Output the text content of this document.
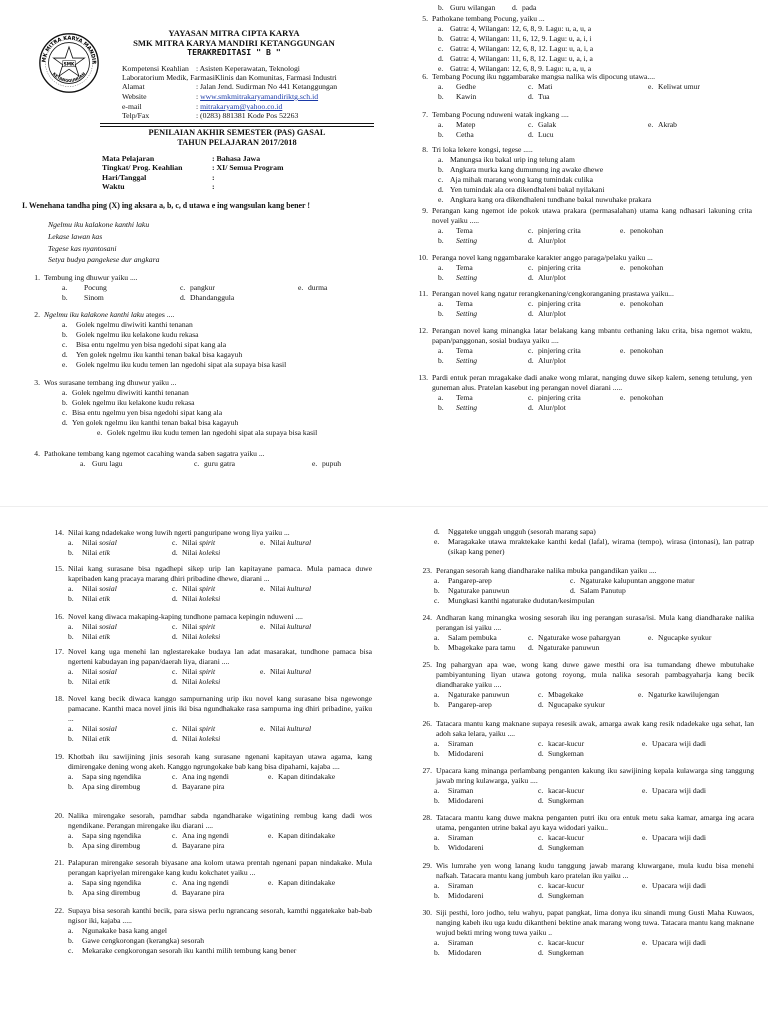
SMK
MK MITRA KARYA MANDIR
KETANGGUNGAN
YAYASAN MITRA CIPTA KARYA
SMK MITRA KARYA MANDIRI KETANGGUNGAN
TERAKREDITASI " B "
Kompetensi Keahlian : Asisten Keperawatan, Teknologi
Laboratorium Medik, FarmasiKlinis dan Komunitas, Farmasi Industri
Alamat	: Jalan Jend. Sudirman No 441 Ketanggungan
Website	: www.smkmitrakaryamandiriktg.sch.id
e-mail	: mitrakaryam@yahoo.co.id
Telp/Fax	: (0283) 881381 Kode Pos 52263
PENILAIAN AKHIR SEMESTER (PAS) GASAL
TAHUN PELAJARAN 2017/2018
Mata Pelajaran	: Bahasa Jawa
Tingkat/ Prog. Keahlian	: XI/ Semua Program
Hari/Tanggal	:
Waktu	:
I. Wenehana tandha ping (X) ing aksara a, b, c, d utawa e ing wangsulan kang bener !
Ngelmu iku kalakone kanthi laku
Lekase lawan kas
Tegese kas nyantosani
Setya budya pangekese dur angkara
1. Tembung ing dhuwur yaiku ....
a.	Pocung	c. pangkur	e. durma
b.	Sinom	d. Dhandanggula
2. Ngelmu iku kalakone kanthi laku ateges ....
a.	Golek ngelmu diwiwiti kanthi tenanan
b.	Golek ngelmu iku kelakone kudu rekasa
c.	Bisa entu ngelmu yen bisa ngedohi sipat kang ala
d.	Yen golek ngelmu iku kanthi tenan bakal bisa kagayuh
e.	Golek ngelmu iku kudu temen lan ngedohi sipat ala supaya bisa kasil
3. Wos surasane tembang ing dhuwur yaiku ...
a. Golek ngelmu diwiwiti kanthi tenanan
b. Golek ngelmu iku kelakone kudu rekasa
c. Bisa entu ngelmu yen bisa ngedohi sipat kang ala
d. Yen golek ngelmu iku kanthi tenan bakal bisa kagayuh
e. Golek ngelmu iku kudu temen lan ngedohi sipat ala supaya bisa kasil
4. Pathokane tembang kang ngemot cacahing wanda saben sagatra yaiku ...
a. Guru lagu	c. guru gatra	e. pupuh
b. Guru wilangan d. pada
5. Pathokane tembang Pocung, yaiku ...
a. Gatra: 4, Wilangan: 12, 6, 8, 9. Lagu: u, a, u, a
b. Gatra: 4, Wilangan: 11, 6, 12, 9. Lagu: u, a, i, i
c. Gatra: 4, Wilangan: 12, 6, 8, 12. Lagu: u, a, i, a
d. Gatra: 4, Wilangan: 11, 6, 8, 12. Lagu: u, a, i, a
e. Gatra: 4, Wilangan: 12, 6, 8, 9. Lagu: u, a, u, a
6. Tembang Pocung iku nggambarake mangsa nalika wis dipocung utawa....
a.	Gedhe	c. Mati	e. Keliwat umur
b.	Kawin	d. Tua
7. Tembang Pocung nduweni watak ingkang ....
a.	Matep	c. Galak	e. Akrab
b.	Cetha	d. Lucu
8. Tri loka lekere kongsi, tegese .....
a. Manungsa iku bakal urip ing telung alam
b. Angkara murka kang dumunung ing awake dhewe
c. Aja mihak marang wong kang tumindak culika
d. Yen tumindak ala ora dikendhaleni bakal nyilakani
e. Angkara kang ora dikendhaleni tundhane bakal nuwuhake prakara
9. Perangan kang ngemot ide pokok utawa prakara (permasalahan) utama kang ndhasari lakuning crita novel yaiku .....
a.	Tema	c. pinjering crita	e. penokohan
b.	Setting	d. Alur/plot
10. Peranga novel kang nggambarake karakter anggo paraga/pelaku yaiku ...
a.	Tema	c. pinjering crita	e. penokohan
b.	Setting	d. Alur/plot
11. Perangan novel kang ngatur rerangkenaning/cengkoranganing prastawa yaiku...
a.	Tema	c. pinjering crita	e. penokohan
b.	Setting	d. Alur/plot
12. Perangan novel kang minangka latar belakang kang mbantu cethaning laku crita, bisa ngemot waktu, papan/panggonan, sosial budaya yaiku ....
a.	Tema	c. pinjering crita	e. penokohan
b.	Setting	d. Alur/plot
13. Pardi entuk peran mragakake dadi anake wong mlarat, nanging duwe sikep kalem, seneng tetulung, yen guneman alus. Pratelan kasebut ing perangan novel diarani .....
a.	Tema	c. pinjering crita	e. penokohan
b.	Setting	d. Alur/plot
14. Nilai kang ndadekake wong luwih ngerti panguripane wong liya yaiku ...
a.	Nilai sosial	c. Nilai spirit	e. Nilai kultural
b.	Nilai etik	d. Nilai koleksi
15. Nilai kang surasane bisa ngadhepi sikep urip lan kapitayane pamaca. Mula pamaca duwe kapribaden kang pracaya marang dhiri pribadine dhewe, diarani ...
a.	Nilai sosial	c. Nilai spirit	e. Nilai kultural
b.	Nilai etik	d. Nilai koleksi
16. Novel kang diwaca makaping-kaping tundhone pamaca kepingin nduweni ....
a.	Nilai sosial	c. Nilai spirit	e. Nilai kultural
b.	Nilai etik	d. Nilai koleksi
17. Novel kang uga menehi lan nglestarekake budaya lan adat masarakat, tundhone pamaca bisa ngerteni kabudayan ing papan/daerah liya, diarani ....
a.	Nilai sosial	c. Nilai spirit	e. Nilai kultural
b.	Nilai etik	d. Nilai koleksi
18. Novel kang becik diwaca kanggo sampurnaning urip iku novel kang surasane bisa ngewonge pamacane. Kanthi maca novel jinis iki bisa ngundhakake rasa sampurna ing dhiri pribadine, yaiku ...
a.	Nilai sosial	c. Nilai spirit	e. Nilai kultural
b.	Nilai etik	d. Nilai koleksi
19. Khotbah iku sawijining jinis sesorah kang surasane ngenani kapitayan utawa agama, kang dimirengake dening wong akeh. Kanggo ngrungokake bab kang bisa dipahami, kajaba ....
a.	Sapa sing ngendika	c. Ana ing ngendi	e. Kapan ditindakake
b.	Apa sing dirembug	d. Bayarane pira
20. Nalika mirengake sesorah, pamdhar sabda ngandharake wigatining rembug kang dadi wos ngendikane. Perangan mirengake iku diarani ....
a.	Sapa sing ngendika	c. Ana ing ngendi	e. Kapan ditindakake
b.	Apa sing dirembug	d. Bayarane pira
21. Palapuran mirengake sesorah biyasane ana kolom utawa prentah ngenani papan nindakake. Mula perangan kapriyelan mirengake kang kudu kokchatet yaiku ...
a.	Sapa sing ngendika	c. Ana ing ngendi	e. Kapan ditindakake
b.	Apa sing dirembug	d. Bayarane pira
22. Supaya bisa sesorah kanthi becik, para siswa perlu ngrancang sesorah, kamthi nggatekake bab-bab ngisor iki, kajaba .....
a.	Ngunakake basa kang angel
b.	Gawe cengkorongan (kerangka) sesorah
c.	Mekarake cengkorongan sesorah iku kanthi milih tembung kang bener
d.	Nggateke unggah ungguh (sesorah marang sapa)
e.	Maragakake utawa mraktekake kanthi kedal (lafal), wirama (tempo), wirasa (intonasi), lan patrap (sikap kang pener)
23. Perangan sesorah kang diandharake nalika mbuka pangandikan yaiku ....
a.	Pangarep-arep	c. Ngaturake kalupuntan anggone matur
b.	Ngaturake panuwun	d. Salam Panutup
c.	Mungkasi kanthi ngaturake dudutan/kesimpulan
24. Andharan kang minangka wosing sesorah iku ing perangan surasa/isi. Mula kang diandharake nalika perangan isi yaiku ....
a.	Salam pembuka	c. Ngaturake wose pahargyan	e. Ngucapke syukur
b.	Mbagekake para tamu d. Ngaturake panuwun
25. Ing pahargyan apa wae, wong kang duwe gawe mesthi ora isa tumandang dhewe mbutuhake pambiyantuning liyan utawa gotong royong, mula nalika sesorah pambagyaharja kang becik diandharake yaiku ....
a.	Ngaturake panuwun	c. Mbagekake	e. Ngaturke kawilujengan
b.	Pangarep-arep	d. Ngucapake syukur
26. Tatacara mantu kang maknane supaya resesik awak, amarga awak kang resik ndadekake uga sehat, lan adoh saka lelara, yaiku ....
a.	Siraman	c. kacar-kucur	e. Upacara wiji dadi
b.	Midodareni	d. Sungkeman
27. Upacara kang minanga perlambang penganten kakung iku sawijining kepala kulawarga sing tanggung jawab mring kulawarga, yaiku ....
a.	Siraman	c. kacar-kucur	e. Upacara wiji dadi
b.	Midodareni	d. Sungkeman
28. Tatacara mantu kang duwe makna penganten putri iku ora entuk metu saka kamar, amarga ing acara utama, penganten utrine bakal ayu kaya widodari yaiku..
a.	Siraman	c. kacar-kucur	e. Upacara wiji dadi
b.	Widodareni	d. Sungkeman
29. Wis lumrahe yen wong lanang kudu tanggung jawab marang kluwargane, mula kudu bisa menehi nafkah. Tatacara mantu kang jumbuh karo pratelan iku yaiku ...
a.	Siraman	c. kacar-kucur	e. Upacara wiji dadi
b.	Midodareni	d. Sungkeman
30. Siji pesthi, loro jodho, telu wahyu, papat pangkat, lima donya iku sinandi mung Gusti Maha Kuwaos, nanging kabeh iku uga kudu dikantheni bektine anak marang wong tuwa. Tatacara mantu kang maknane wujud bekti mring wong tuwa yaiku ..
a.	Siraman	c. kacar-kucur	e. Upacara wiji dadi
b.	Midodaren	d. Sungkeman
